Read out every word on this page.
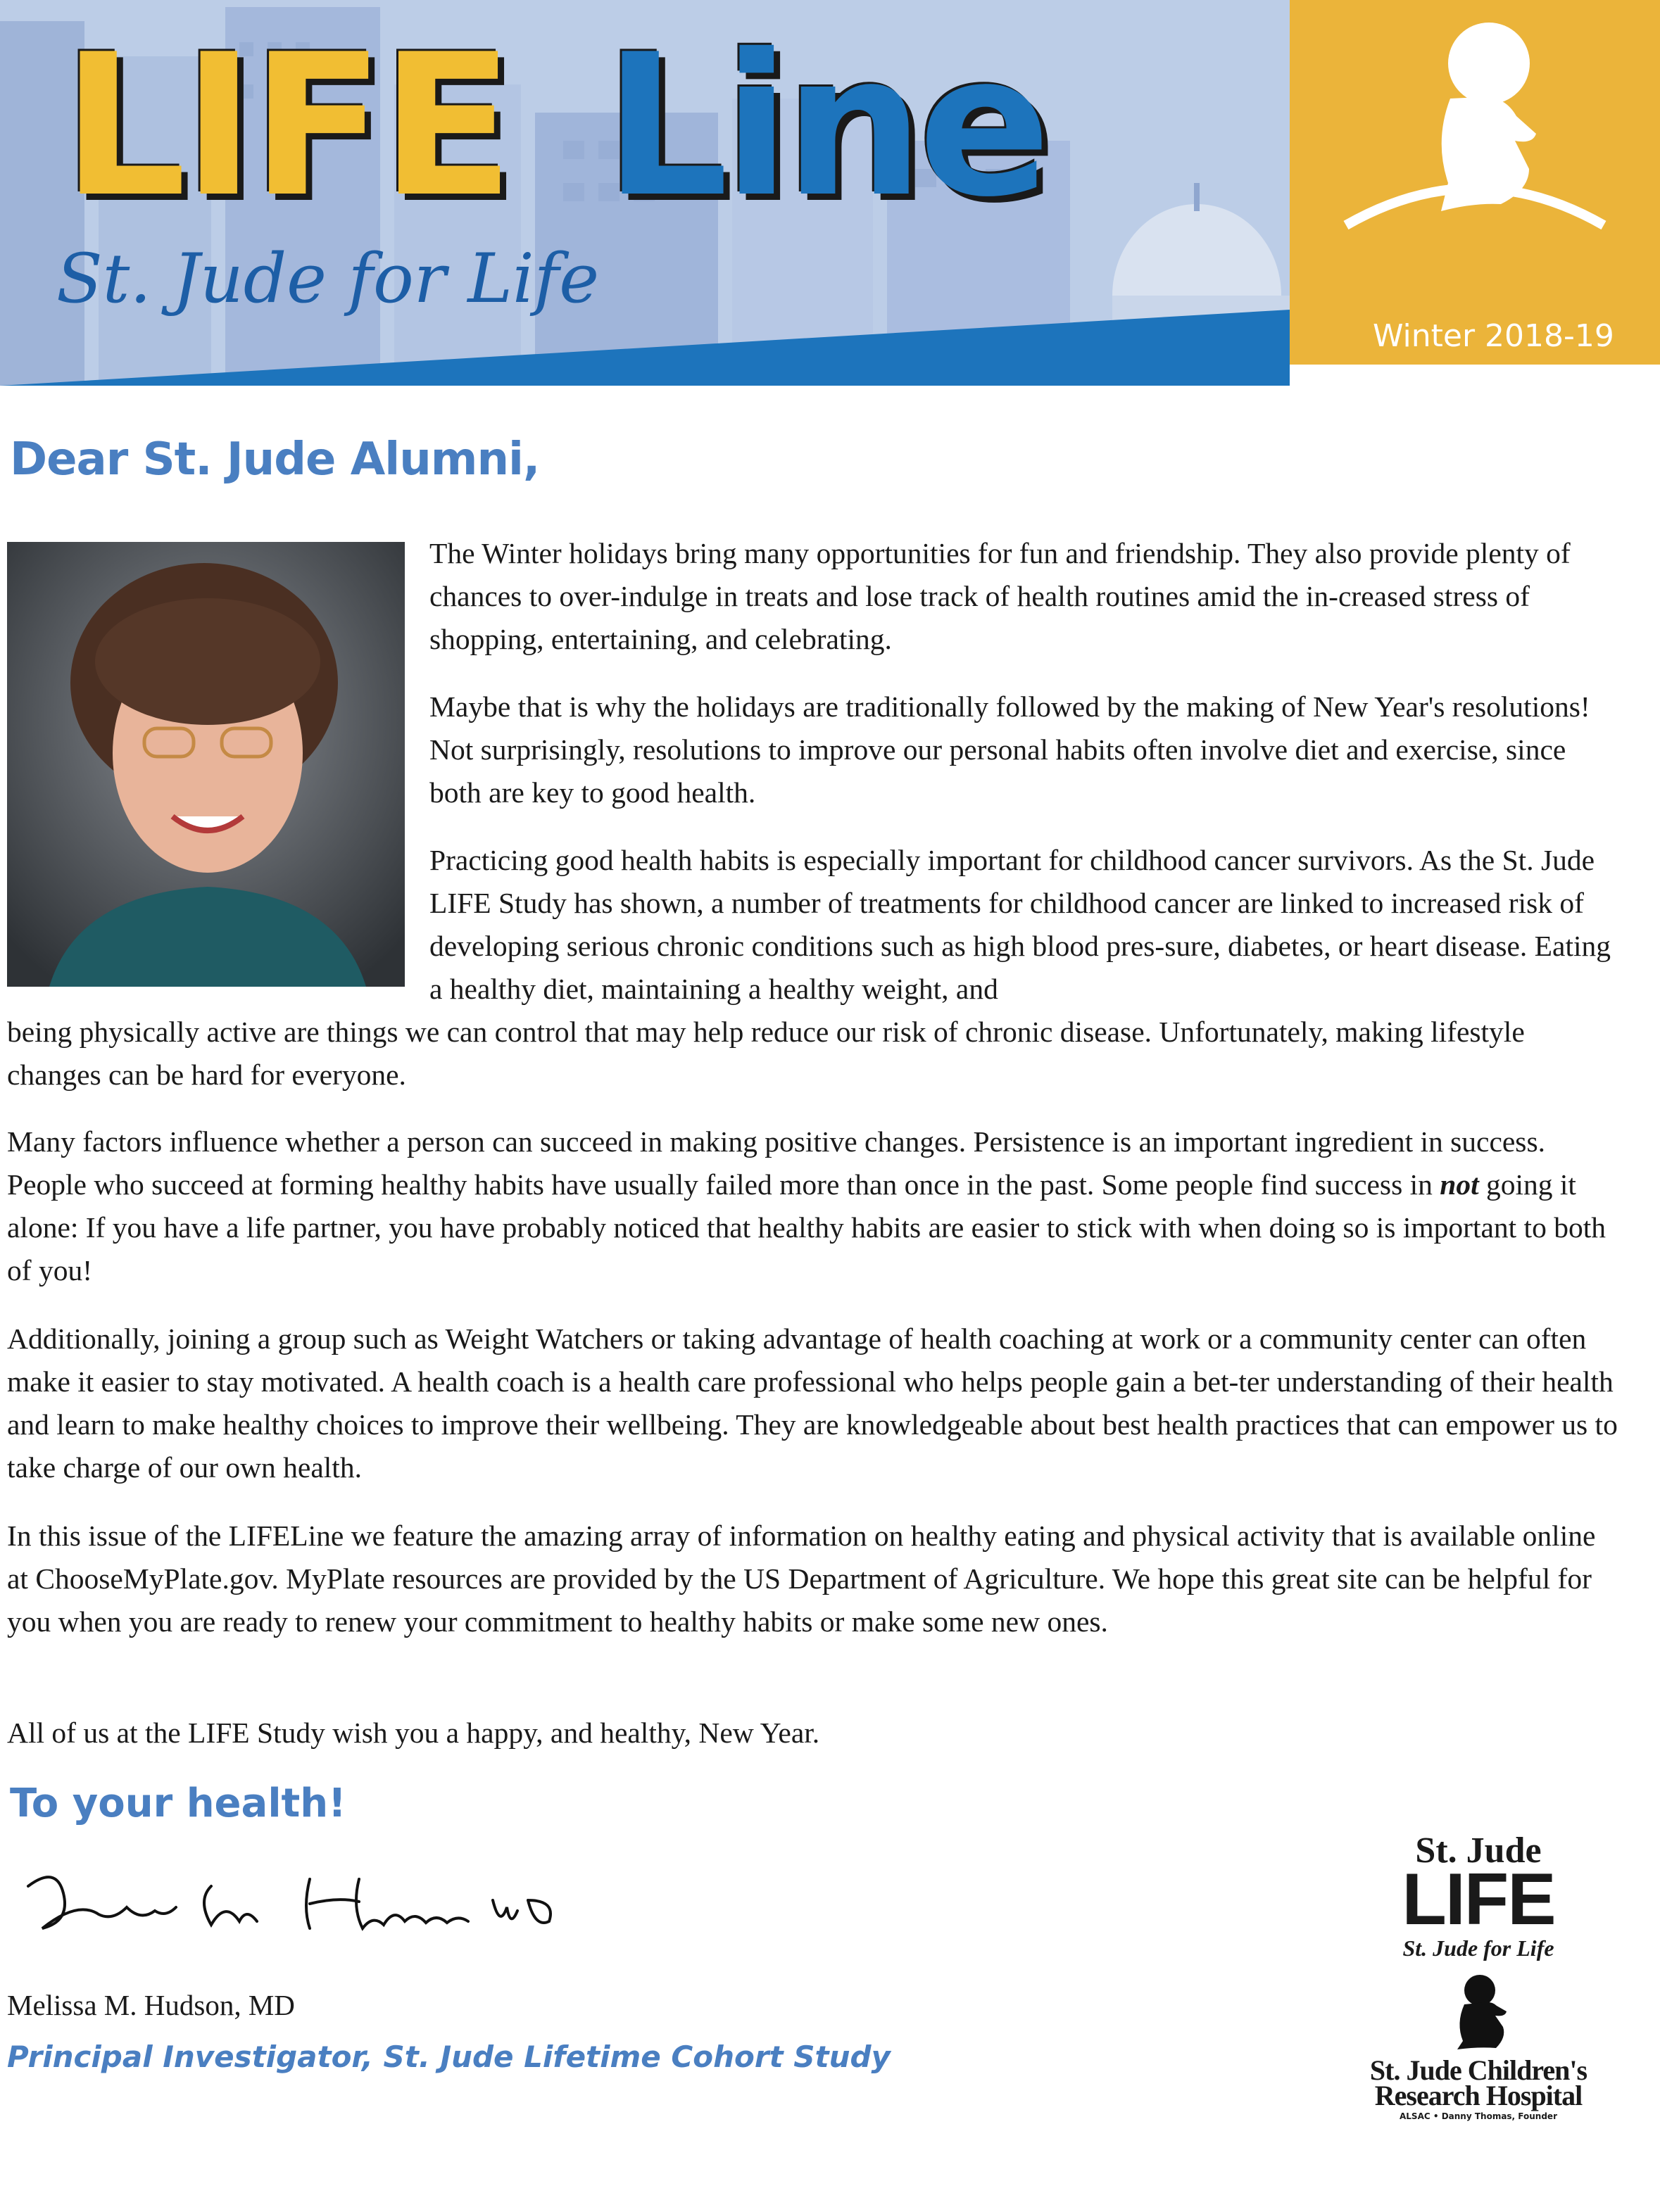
LIFE Line
St. Jude for Life
Winter 2018-19
Dear St. Jude Alumni,

The Winter holidays bring many opportunities for fun and friendship. They also provide plenty of chances to over-indulge in treats and lose track of health routines amid the in-creased stress of shopping, entertaining, and celebrating.

Maybe that is why the holidays are traditionally followed by the making of New Year's resolutions! Not surprisingly, resolutions to improve our personal habits often involve diet and exercise, since both are key to good health.

Practicing good health habits is especially important for childhood cancer survivors. As the St. Jude LIFE Study has shown, a number of treatments for childhood cancer are linked to increased risk of developing serious chronic conditions such as high blood pres-sure, diabetes, or heart disease. Eating a healthy diet, maintaining a healthy weight, and

being physically active are things we can control that may help reduce our risk of chronic disease. Unfortunately, making lifestyle changes can be hard for everyone.

Many factors influence whether a person can succeed in making positive changes. Persistence is an important ingredient in success. People who succeed at forming healthy habits have usually failed more than once in the past. Some people find success in not going it alone: If you have a life partner, you have probably noticed that healthy habits are easier to stick with when doing so is important to both of you!

Additionally, joining a group such as Weight Watchers or taking advantage of health coaching at work or a community center can often make it easier to stay motivated. A health coach is a health care professional who helps people gain a bet-ter understanding of their health and learn to make healthy choices to improve their wellbeing. They are knowledgeable about best health practices that can empower us to take charge of our own health.

In this issue of the LIFELine we feature the amazing array of information on healthy eating and physical activity that is available online at ChooseMyPlate.gov. MyPlate resources are provided by the US Department of Agriculture. We hope this great site can be helpful for you when you are ready to renew your commitment to healthy habits or make some new ones.

All of us at the LIFE Study wish you a happy, and healthy, New Year.

To your health!
Melissa M. Hudson, MD
Principal Investigator, St. Jude Lifetime Cohort Study
St. Jude
LIFE
St. Jude for Life
St. Jude Children's
Research Hospital
ALSAC • Danny Thomas, Founder
